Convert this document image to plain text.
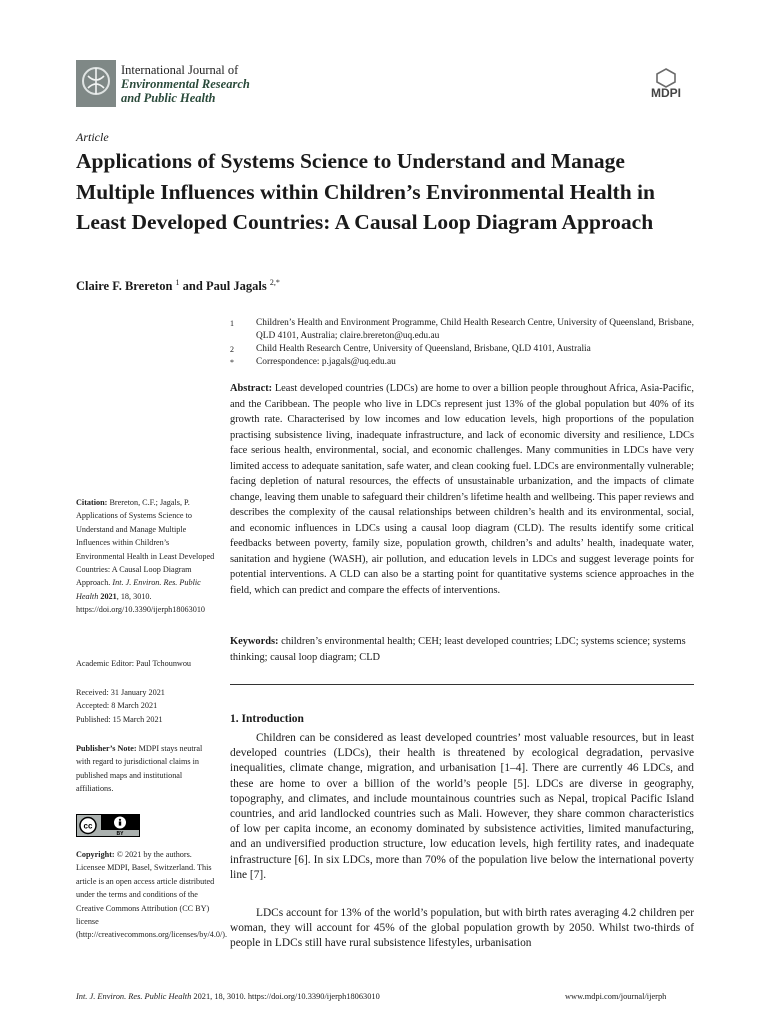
International Journal of
Environmental Research
and Public Health	MDPI
Article
Applications of Systems Science to Understand and Manage Multiple Influences within Children’s Environmental Health in Least Developed Countries: A Causal Loop Diagram Approach
Claire F. Brereton $^1$ and Paul Jagals $^{2,*}$
1 Children’s Health and Environment Programme, Child Health Research Centre, University of Queensland, Brisbane, QLD 4101, Australia; claire.brereton@uq.edu.au
2 Child Health Research Centre, University of Queensland, Brisbane, QLD 4101, Australia
* Correspondence: p.jagals@uq.edu.au
Abstract: Least developed countries (LDCs) are home to over a billion people throughout Africa, Asia-Pacific, and the Caribbean. The people who live in LDCs represent just 13% of the global population but 40% of its growth rate. Characterised by low incomes and low education levels, high proportions of the population practising subsistence living, inadequate infrastructure, and lack of economic diversity and resilience, LDCs face serious health, environmental, social, and economic challenges. Many communities in LDCs have very limited access to adequate sanitation, safe water, and clean cooking fuel. LDCs are environmentally vulnerable; facing depletion of natural resources, the effects of unsustainable urbanization, and the impacts of climate change, leaving them unable to safeguard their children’s lifetime health and wellbeing. This paper reviews and describes the complexity of the causal relationships between children’s health and its environmental, social, and economic influences in LDCs using a causal loop diagram (CLD). The results identify some critical feedbacks between poverty, family size, population growth, children’s and adults’ health, inadequate water, sanitation and hygiene (WASH), air pollution, and education levels in LDCs and suggest leverage points for potential interventions. A CLD can also be a starting point for quantitative systems science approaches in the field, which can predict and compare the effects of interventions.
Keywords: children’s environmental health; CEH; least developed countries; LDC; systems science; systems thinking; causal loop diagram; CLD
Citation: Brereton, C.F.; Jagals, P. Applications of Systems Science to Understand and Manage Multiple Influences within Children’s Environmental Health in Least Developed Countries: A Causal Loop Diagram Approach. Int. J. Environ. Res. Public Health 2021, 18, 3010. https://doi.org/10.3390/ijerph18063010
Academic Editor: Paul Tchounwou
Received: 31 January 2021
Accepted: 8 March 2021
Published: 15 March 2021
Publisher’s Note: MDPI stays neutral with regard to jurisdictional claims in published maps and institutional affiliations.
cc
BY
Copyright: © 2021 by the authors. Licensee MDPI, Basel, Switzerland. This article is an open access article distributed under the terms and conditions of the Creative Commons Attribution (CC BY) license (http://creativecommons.org/licenses/by/4.0/).
1. Introduction
Children can be considered as least developed countries’ most valuable resources, but in least developed countries (LDCs), their health is threatened by ecological degradation, pervasive inequalities, climate change, migration, and urbanisation [1–4]. There are currently 46 LDCs, and these are home to over a billion of the world’s people [5]. LDCs are diverse in geography, topography, and climates, and include mountainous countries such as Nepal, tropical Pacific Island countries, and arid landlocked countries such as Mali. However, they share common characteristics of low per capita income, an economy dominated by subsistence activities, limited manufacturing, and an undiversified production structure, low education levels, high fertility rates, and inadequate infrastructure [6]. In six LDCs, more than 70% of the population live below the international poverty line [7].
LDCs account for 13% of the world’s population, but with birth rates averaging 4.2 children per woman, they will account for 45% of the global population growth by 2050. Whilst two-thirds of people in LDCs still have rural subsistence lifestyles, urbanisation
Int. J. Environ. Res. Public Health 2021, 18, 3010. https://doi.org/10.3390/ijerph18063010	www.mdpi.com/journal/ijerph
